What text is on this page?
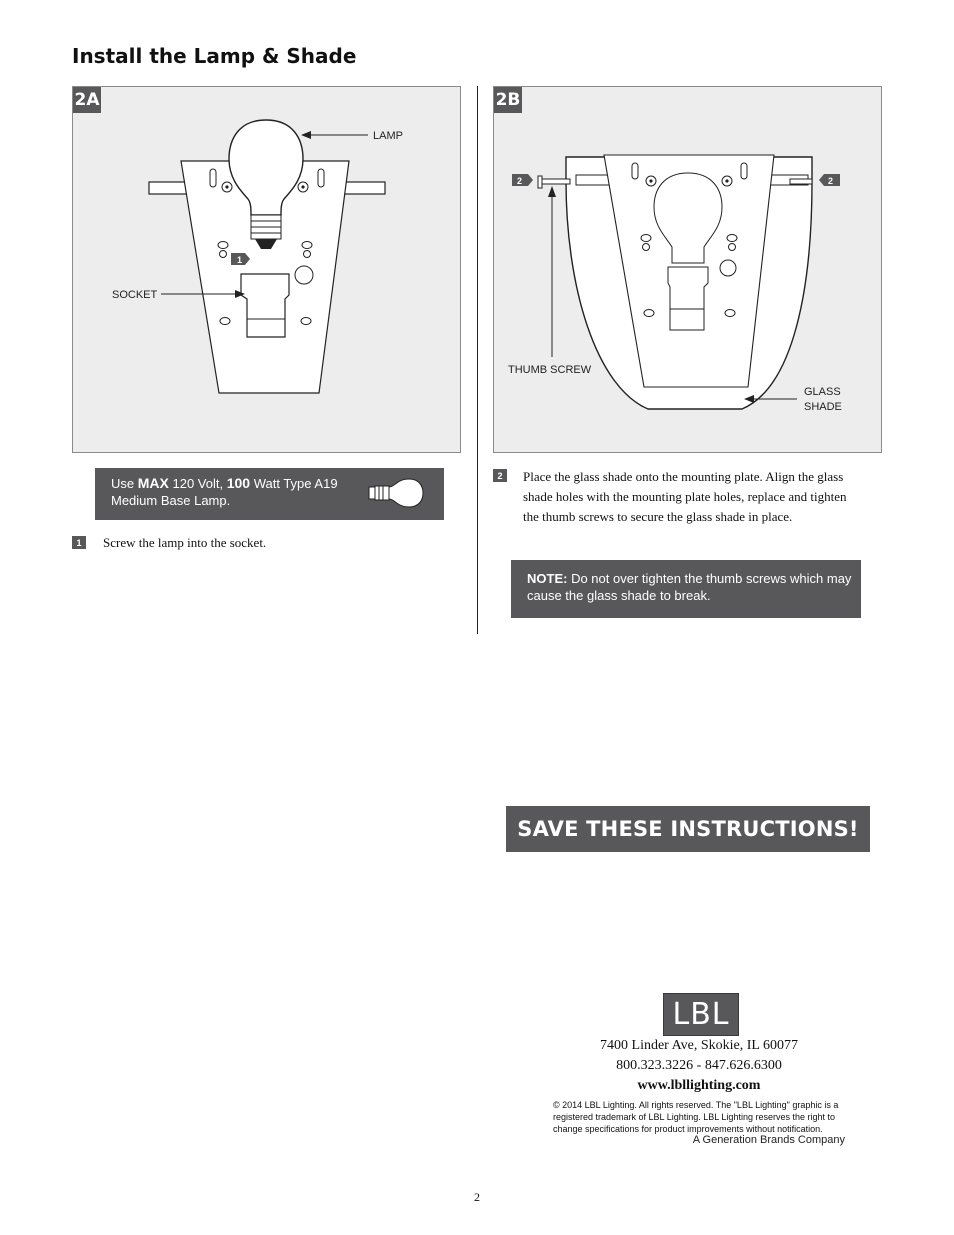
Install the Lamp & Shade
1
LAMP
SOCKET
2A
2	2
THUMB SCREW
GLASS
SHADE
2B
Use MAX 120 Volt, 100 Watt Type A19
Medium Base Lamp.
1	Screw the lamp into the socket.
2	Place the glass shade onto the mounting plate. Align the glass
shade holes with the mounting plate holes, replace and tighten
the thumb screws to secure the glass shade in place.
NOTE: Do not over tighten the thumb screws which may
cause the glass shade to break.
SAVE THESE INSTRUCTIONS!
LBL
7400 Linder Ave, Skokie, IL 60077
800.323.3226 - 847.626.6300
www.lbllighting.com
© 2014 LBL Lighting. All rights reserved. The "LBL Lighting" graphic is a
registered trademark of LBL Lighting. LBL Lighting reserves the right to
change specifications for product improvements without notification.
A Generation Brands Company
2
